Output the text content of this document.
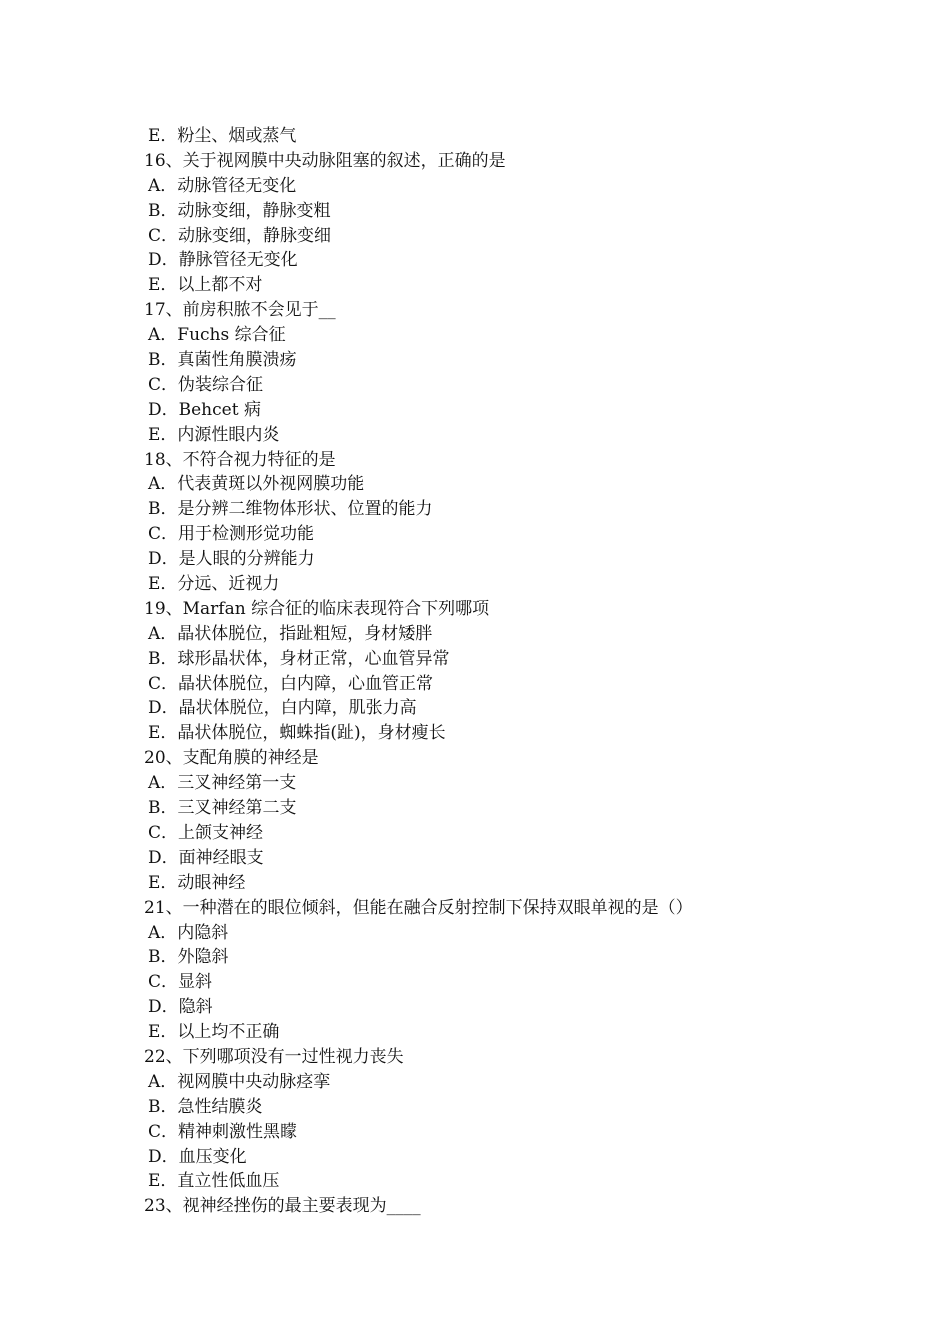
E．粉尘、烟或蒸气
16、关于视网膜中央动脉阻塞的叙述，正确的是
A．动脉管径无变化
B．动脉变细，静脉变粗
C．动脉变细，静脉变细
D．静脉管径无变化
E．以上都不对
17、前房积脓不会见于__
A．Fuchs 综合征
B．真菌性角膜溃疡
C．伪装综合征
D．Behcet 病
E．内源性眼内炎
18、不符合视力特征的是
A．代表黄斑以外视网膜功能
B．是分辨二维物体形状、位置的能力
C．用于检测形觉功能
D．是人眼的分辨能力
E．分远、近视力
19、Marfan 综合征的临床表现符合下列哪项
A．晶状体脱位，指趾粗短，身材矮胖
B．球形晶状体，身材正常，心血管异常
C．晶状体脱位，白内障，心血管正常
D．晶状体脱位，白内障，肌张力高
E．晶状体脱位，蜘蛛指(趾)，身材瘦长
20、支配角膜的神经是
A．三叉神经第一支
B．三叉神经第二支
C．上颌支神经
D．面神经眼支
E．动眼神经
21、一种潜在的眼位倾斜，但能在融合反射控制下保持双眼单视的是（）
A．内隐斜
B．外隐斜
C．显斜
D．隐斜
E．以上均不正确
22、下列哪项没有一过性视力丧失
A．视网膜中央动脉痉挛
B．急性结膜炎
C．精神刺激性黑矇
D．血压变化
E．直立性低血压
23、视神经挫伤的最主要表现为____
